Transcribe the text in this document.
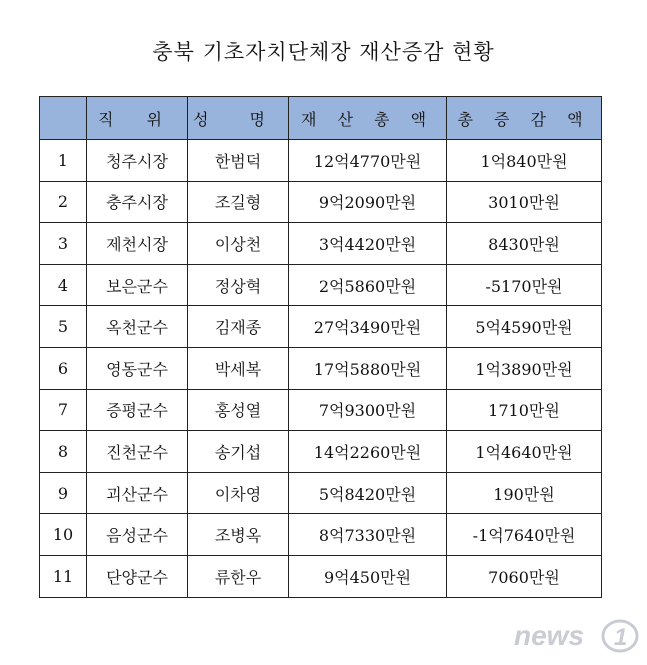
충북 기초자치단체장 재산증감 현황
	직 위	성 명	재 산 총 액	총 증 감 액
1	청주시장	한범덕	12억4770만원	1억840만원
2	충주시장	조길형	9억2090만원	3010만원
3	제천시장	이상천	3억4420만원	8430만원
4	보은군수	정상혁	2억5860만원	-5170만원
5	옥천군수	김재종	27억3490만원	5억4590만원
6	영동군수	박세복	17억5880만원	1억3890만원
7	증평군수	홍성열	7억9300만원	1710만원
8	진천군수	송기섭	14억2260만원	1억4640만원
9	괴산군수	이차영	5억8420만원	190만원
10	음성군수	조병옥	8억7330만원	-1억7640만원
11	단양군수	류한우	9억450만원	7060만원
news 1
